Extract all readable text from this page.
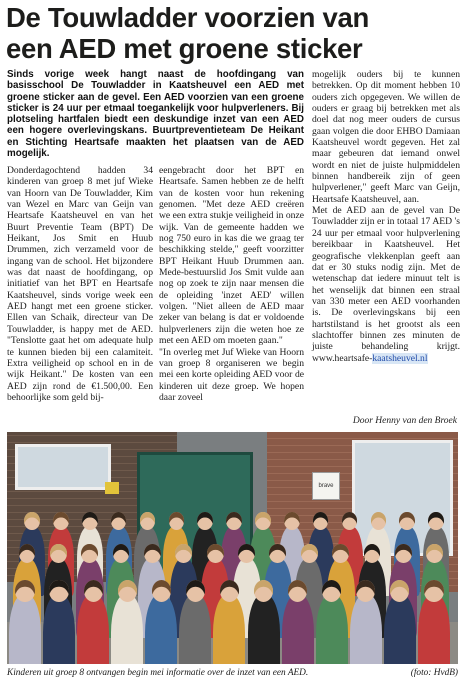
De Touwladder voorzien van
een AED met groene sticker

Sinds vorige week hangt naast de hoofdingang van basisschool De Touwladder in Kaatsheuvel een AED met groene sticker aan de gevel. Een AED voorzien van een groene sticker is 24 uur per etmaal toegankelijk voor hulpverleners. Bij plotseling hartfalen biedt een deskundige inzet van een AED een hogere overlevingskans. Buurtpreventieteam De Heikant en Stichting Heartsafe maakten het plaatsen van de AED mogelijk.

Donderdagochtend hadden 34 kinderen van groep 8 met juf Wieke van Hoorn van De Touwladder, Kim van Wezel en Marc van Geijn van Heartsafe Kaatsheuvel en van het Buurt Preventie Team (BPT) De Heikant, Jos Smit en Huub Drummen, zich verzameld voor de ingang van de school. Het bijzondere was dat naast de hoofdingang, op initiatief van het BPT en Heartsafe Kaatsheuvel, sinds vorige week een AED hangt met een groene sticker. Ellen van Schaik, directeur van De Touwladder, is happy met de AED. "Tenslotte gaat het om adequate hulp te kunnen bieden bij een calamiteit. Extra veiligheid op school en in de wijk Heikant." De kosten van een AED zijn rond de €1.500,00. Een behoorlijke som geld bij-

eengebracht door het BPT en Heartsafe. Samen hebben ze de helft van de kosten voor hun rekening genomen. "Met deze AED creëren we een extra stukje veiligheid in onze wijk. Van de gemeente hadden we nog 750 euro in kas die we graag ter beschikking stelde," geeft voorzitter BPT Heikant Huub Drummen aan. Mede-bestuurslid Jos Smit vulde aan nog op zoek te zijn naar mensen die de opleiding 'inzet AED' willen volgen. "Niet alleen de AED maar zeker van belang is dat er voldoende hulpverleners zijn die weten hoe ze met een AED om moeten gaan."

"In overleg met Juf Wieke van Hoorn van groep 8 organiseren we begin mei een korte opleiding AED voor de kinderen uit deze groep. We hopen daar zoveel

mogelijk ouders bij te kunnen betrekken. Op dit moment hebben 10 ouders zich opgegeven. We willen de ouders er graag bij betrekken met als doel dat nog meer ouders de cursus gaan volgen die door EHBO Damiaan Kaatsheuvel wordt gegeven. Het zal maar gebeuren dat iemand onwel wordt en niet de juiste hulpmiddelen binnen handbereik zijn of geen hulpverlener," geeft Marc van Geijn, Heartsafe Kaatsheuvel, aan.

Met de AED aan de gevel van De Touwladder zijn er in totaal 17 AED 's 24 uur per etmaal voor hulpverlening bereikbaar in Kaatsheuvel. Het geografische vlekkenplan geeft aan dat er 30 stuks nodig zijn. Met de wetenschap dat iedere minuut telt is het wenselijk dat binnen een straal van 330 meter een AED voorhanden is. De overlevingskans bij een hartstilstand is het grootst als een slachtoffer binnen zes minuten de juiste behandeling krijgt. www.heartsafe-kaatsheuvel.nl

Door Henny van den Broek
brave
Kinderen uit groep 8 ontvangen begin mei informatie over de inzet van een AED.	(foto: HvdB)
